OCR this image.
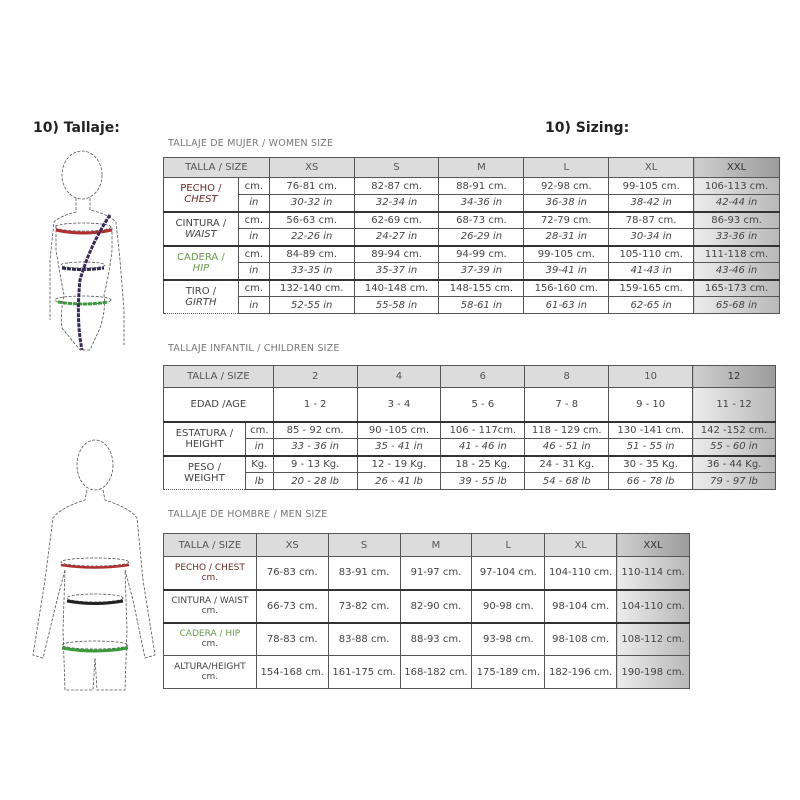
10) Tallaje:	10) Sizing:
TALLAJE DE MUJER / WOMEN SIZE
TALLA / SIZE		XS	S	M	L	XL	XXL

PECHO /
CHEST	cm.	76-81 cm.	82-87 cm.	88-91 cm.	92-98 cm.	99-105 cm.	106-113 cm.
	in	30-32 in	32-34 in	34-36 in	36-38 in	38-42 in	42-44 in

CINTURA /
WAIST	cm.	56-63 cm.	62-69 cm.	68-73 cm.	72-79 cm.	78-87 cm.	86-93 cm.
	in	22-26 in	24-27 in	26-29 in	28-31 in	30-34 in	33-36 in

CADERA /
HIP	cm.	84-89 cm.	89-94 cm.	94-99 cm.	99-105 cm.	105-110 cm.	111-118 cm.
	in	33-35 in	35-37 in	37-39 in	39-41 in	41-43 in	43-46 in

TIRO /
GIRTH	cm.	132-140 cm.	140-148 cm.	148-155 cm.	156-160 cm.	159-165 cm.	165-173 cm.
	in	52-55 in	55-58 in	58-61 in	61-63 in	62-65 in	65-68 in
TALLAJE INFANTIL / CHILDREN SIZE
TALLA / SIZE		2	4	6	8	10	12
EDAD /AGE		1 - 2	3 - 4	5 - 6	7 - 8	9 - 10	11 - 12

ESTATURA /
HEIGHT	cm.	85 - 92 cm.	90 -105 cm.	106 - 117cm.	118 - 129 cm.	130 -141 cm.	142 -152 cm.
	in	33 - 36 in	35 - 41 in	41 - 46 in	46 - 51 in	51 - 55 in	55 - 60 in

PESO /
WEIGHT	Kg.	9 - 13 Kg.	12 - 19 Kg.	18 - 25 Kg.	24 - 31 Kg.	30 - 35 Kg.	36 - 44 Kg.
	lb	20 - 28 lb	26 - 41 lb	39 - 55 lb	54 - 68 lb	66 - 78 lb	79 - 97 lb
TALLAJE DE HOMBRE / MEN SIZE
TALLA / SIZE	XS	S	M	L	XL	XXL

PECHO / CHEST
cm.	76-83 cm.	83-91 cm.	91-97 cm.	97-104 cm.	104-110 cm.	110-114 cm.

CINTURA / WAIST
cm.	66-73 cm.	73-82 cm.	82-90 cm.	90-98 cm.	98-104 cm.	104-110 cm.

CADERA / HIP
cm.	78-83 cm.	83-88 cm.	88-93 cm.	93-98 cm.	98-108 cm.	108-112 cm.

ALTURA/HEIGHT
cm.	154-168 cm.	161-175 cm.	168-182 cm.	175-189 cm.	182-196 cm.	190-198 cm.
